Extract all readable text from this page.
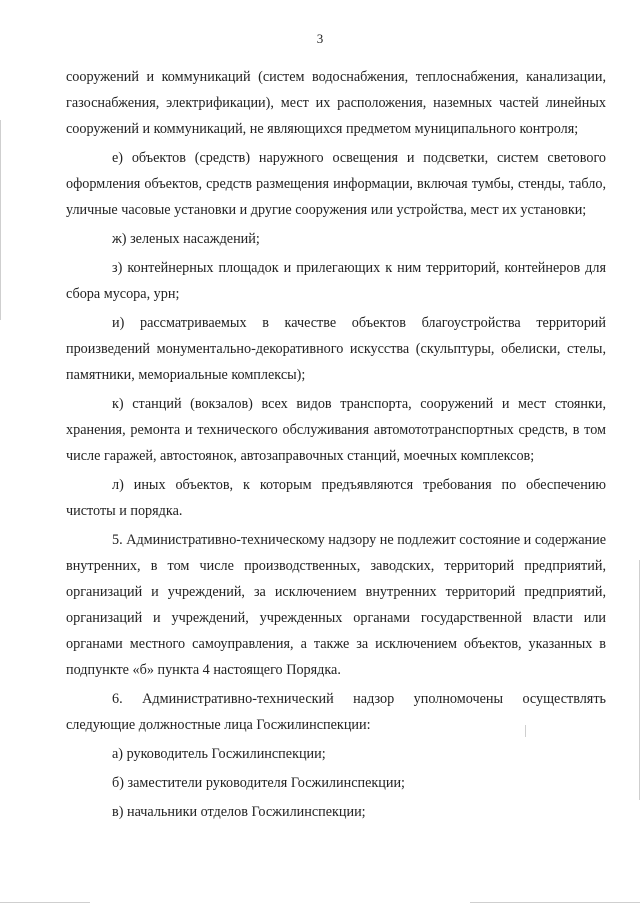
3

сооружений и коммуникаций (систем водоснабжения, теплоснабжения, канализации, газоснабжения, электрификации), мест их расположения, наземных частей линейных сооружений и коммуникаций, не являющихся предметом муниципального контроля;

е) объектов (средств) наружного освещения и подсветки, систем светового оформления объектов, средств размещения информации, включая тумбы, стенды, табло, уличные часовые установки и другие сооружения или устройства, мест их установки;

ж) зеленых насаждений;

з) контейнерных площадок и прилегающих к ним территорий, контейнеров для сбора мусора, урн;

и) рассматриваемых в качестве объектов благоустройства территорий произведений монументально-декоративного искусства (скульптуры, обелиски, стелы, памятники, мемориальные комплексы);

к) станций (вокзалов) всех видов транспорта, сооружений и мест стоянки, хранения, ремонта и технического обслуживания автомототранспортных средств, в том числе гаражей, автостоянок, автозаправочных станций, моечных комплексов;

л) иных объектов, к которым предъявляются требования по обеспечению чистоты и порядка.

5. Административно-техническому надзору не подлежит состояние и содержание внутренних, в том числе производственных, заводских, территорий предприятий, организаций и учреждений, за исключением внутренних территорий предприятий, организаций и учреждений, учрежденных органами государственной власти или органами местного самоуправления, а также за исключением объектов, указанных в подпункте «б» пункта 4 настоящего Порядка.

6. Административно-технический надзор уполномочены осуществлять следующие должностные лица Госжилинспекции:

а) руководитель Госжилинспекции;

б) заместители руководителя Госжилинспекции;

в) начальники отделов Госжилинспекции;
